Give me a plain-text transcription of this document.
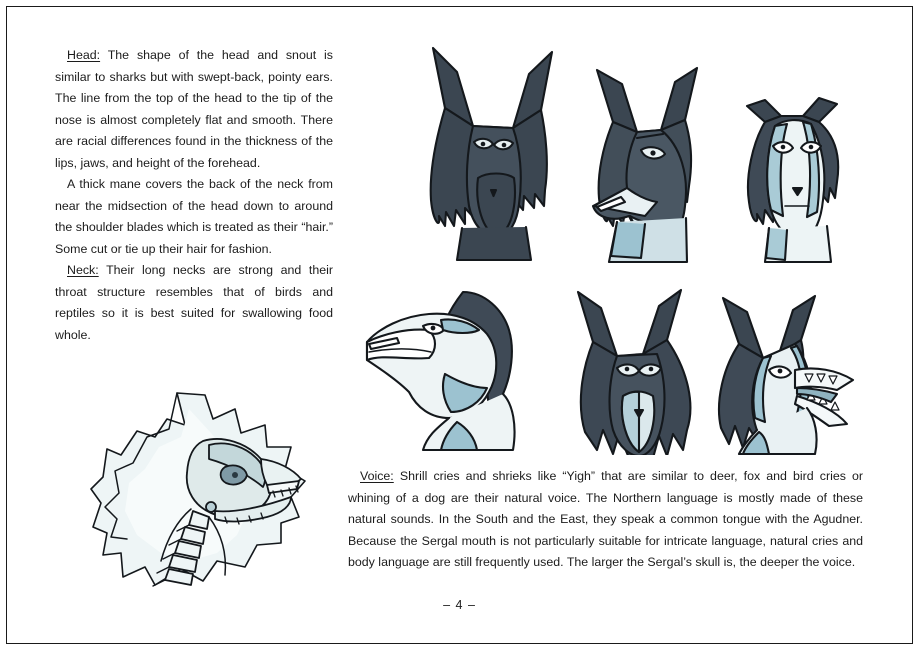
Head: The shape of the head and snout is similar to sharks but with swept-back, pointy ears. The line from the top of the head to the tip of the nose is almost completely flat and smooth. There are racial differences found in the thickness of the lips, jaws, and height of the forehead.

A thick mane covers the back of the neck from near the midsection of the head down to around the shoulder blades which is treated as their “hair.” Some cut or tie up their hair for fashion.

Neck: Their long necks are strong and their throat structure resembles that of birds and reptiles so it is best suited for swallowing food whole.

Voice: Shrill cries and shrieks like “Yigh” that are similar to deer, fox and bird cries or whining of a dog are their natural voice. The Northern language is mostly made of these natural sounds. In the South and the East, they speak a common tongue with the Agudner. Because the Sergal mouth is not particularly suitable for intricate language, natural cries and body language are still frequently used. The larger the Sergal’s skull is, the deeper the voice.

– 4 –
